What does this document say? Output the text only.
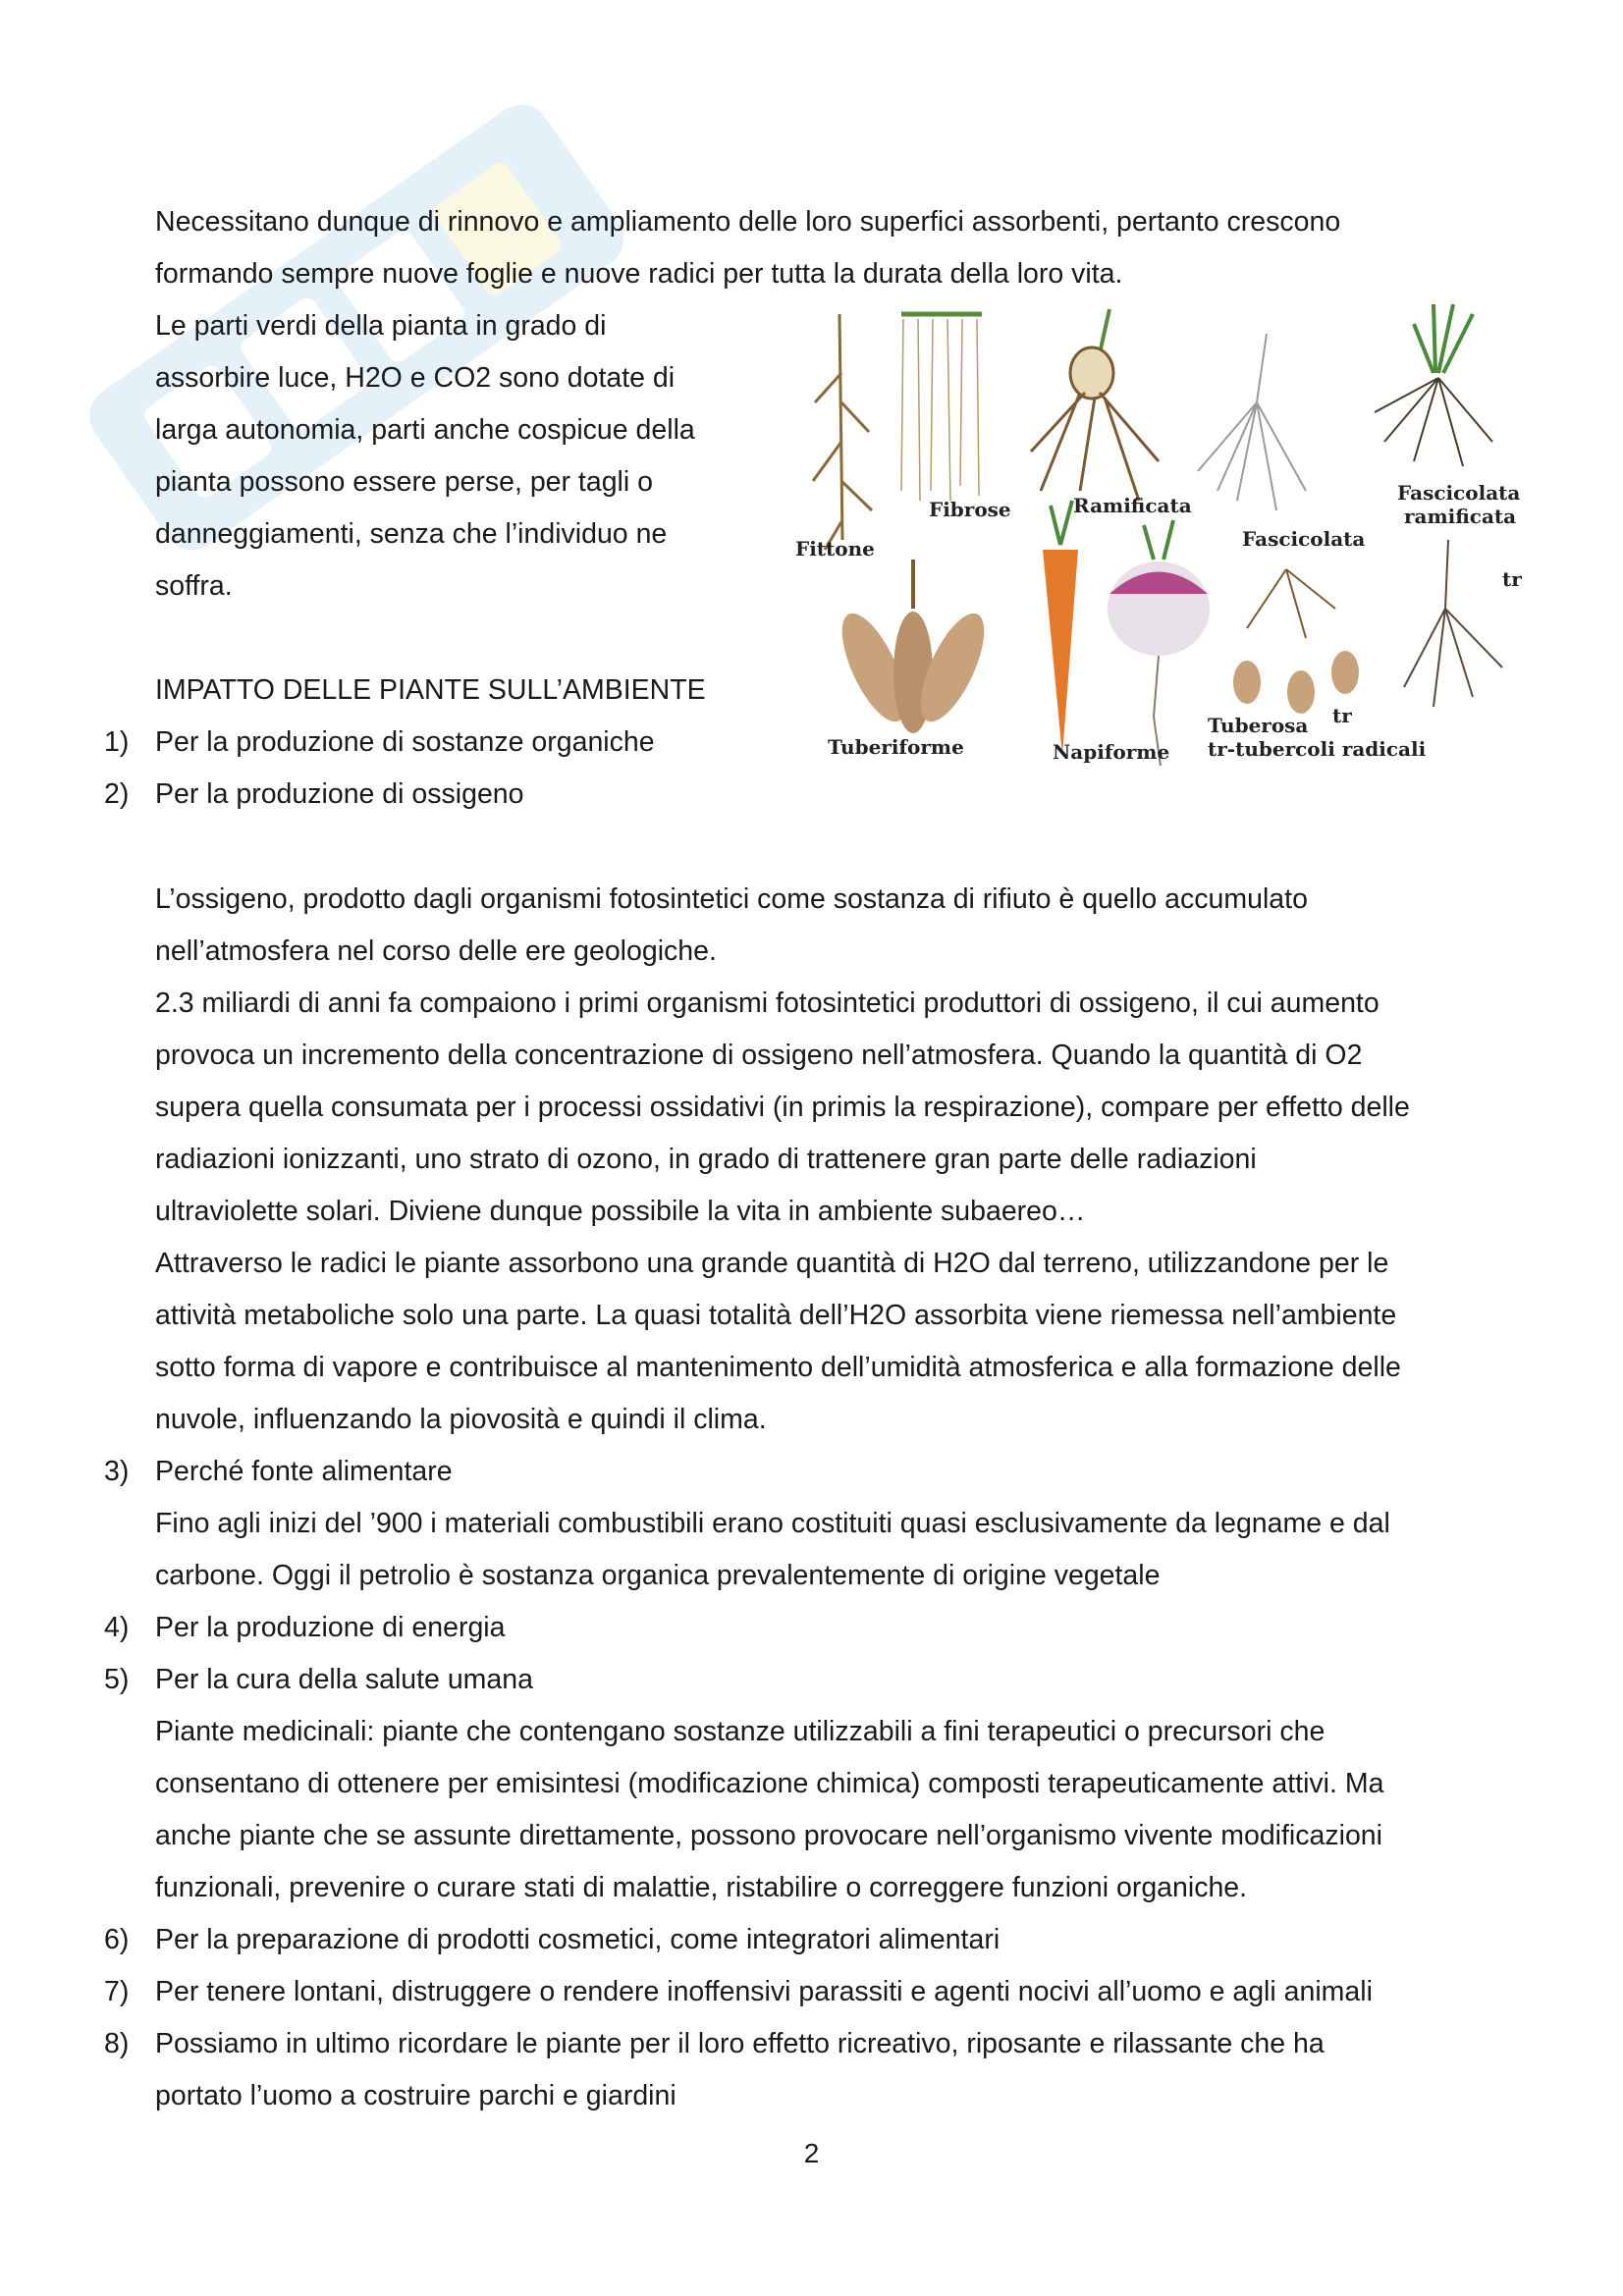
Necessitano dunque di rinnovo e ampliamento delle loro superfici assorbenti, pertanto crescono
formando sempre nuove foglie e nuove radici per tutta la durata della loro vita.
Le parti verdi della pianta in grado di
assorbire luce, H2O e CO2 sono dotate di
larga autonomia, parti anche cospicue della
pianta possono essere perse, per tagli o
danneggiamenti, senza che l’individuo ne
soffra.
Fittone
Fibrose	Ramificata
Fascicolata
Fascicolata
ramificata
tr
Tuberiforme	Napiforme
Tuberosa tr
tr-tubercoli radicali
IMPATTO DELLE PIANTE SULL’AMBIENTE
1) Per la produzione di sostanze organiche
2) Per la produzione di ossigeno

L’ossigeno, prodotto dagli organismi fotosintetici come sostanza di rifiuto è quello accumulato

nell’atmosfera nel corso delle ere geologiche.

2.3 miliardi di anni fa compaiono i primi organismi fotosintetici produttori di ossigeno, il cui aumento

provoca un incremento della concentrazione di ossigeno nell’atmosfera. Quando la quantità di O2

supera quella consumata per i processi ossidativi (in primis la respirazione), compare per effetto delle

radiazioni ionizzanti, uno strato di ozono, in grado di trattenere gran parte delle radiazioni

ultraviolette solari. Diviene dunque possibile la vita in ambiente subaereo…

Attraverso le radici le piante assorbono una grande quantità di H2O dal terreno, utilizzandone per le

attività metaboliche solo una parte. La quasi totalità dell’H2O assorbita viene riemessa nell’ambiente

sotto forma di vapore e contribuisce al mantenimento dell’umidità atmosferica e alla formazione delle

nuvole, influenzando la piovosità e quindi il clima.

3) Perché fonte alimentare

Fino agli inizi del ’900 i materiali combustibili erano costituiti quasi esclusivamente da legname e dal

carbone. Oggi il petrolio è sostanza organica prevalentemente di origine vegetale

4) Per la produzione di energia
5) Per la cura della salute umana

Piante medicinali: piante che contengano sostanze utilizzabili a fini terapeutici o precursori che

consentano di ottenere per emisintesi (modificazione chimica) composti terapeuticamente attivi. Ma

anche piante che se assunte direttamente, possono provocare nell’organismo vivente modificazioni

funzionali, prevenire o curare stati di malattie, ristabilire o correggere funzioni organiche.

6) Per la preparazione di prodotti cosmetici, come integratori alimentari
7) Per tenere lontani, distruggere o rendere inoffensivi parassiti e agenti nocivi all’uomo e agli animali
8) Possiamo in ultimo ricordare le piante per il loro effetto ricreativo, riposante e rilassante che ha
portato l’uomo a costruire parchi e giardini
2
